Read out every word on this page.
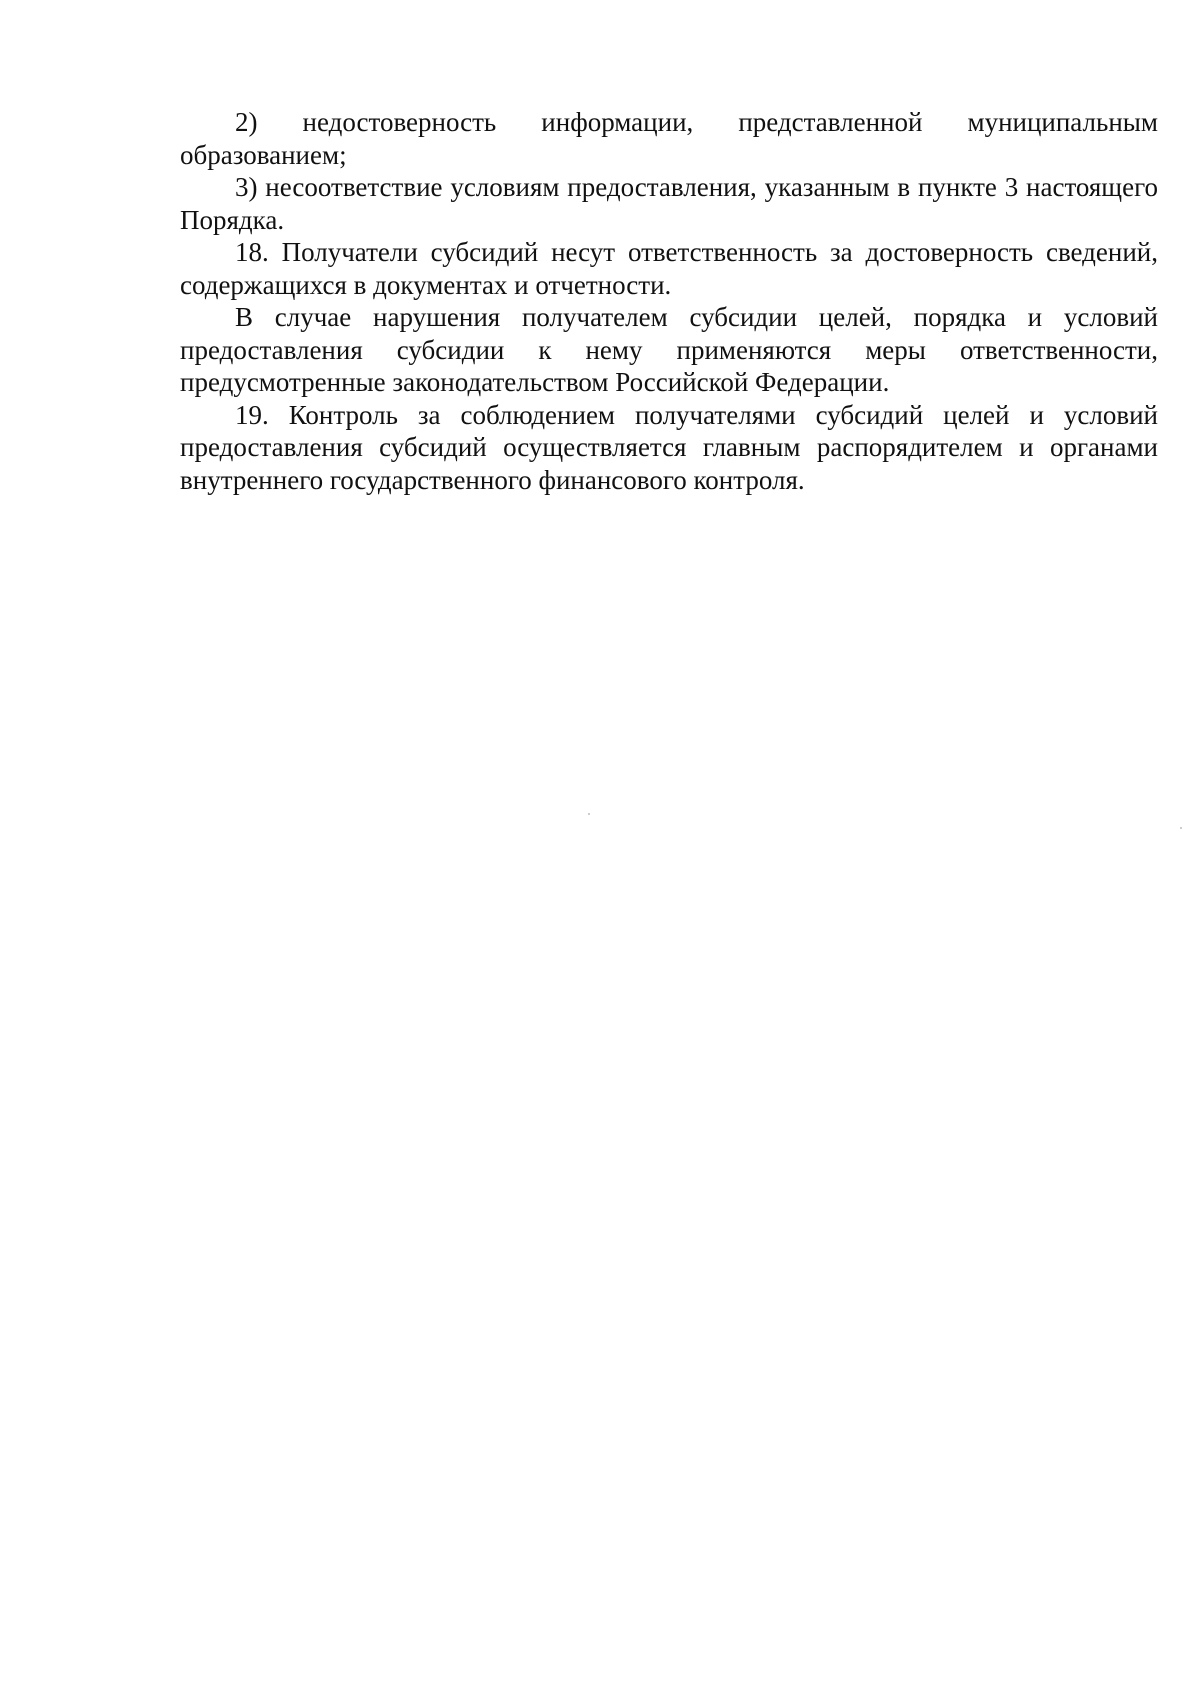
2) недостоверность информации, представленной муниципальным образованием;

3) несоответствие условиям предоставления, указанным в пункте 3 настоящего Порядка.

18. Получатели субсидий несут ответственность за достоверность сведений, содержащихся в документах и отчетности.

В случае нарушения получателем субсидии целей, порядка и условий предоставления субсидии к нему применяются меры ответственности, предусмотренные законодательством Российской Федерации.

19. Контроль за соблюдением получателями субсидий целей и условий предоставления субсидий осуществляется главным распорядителем и органами внутреннего государственного финансового контроля.
